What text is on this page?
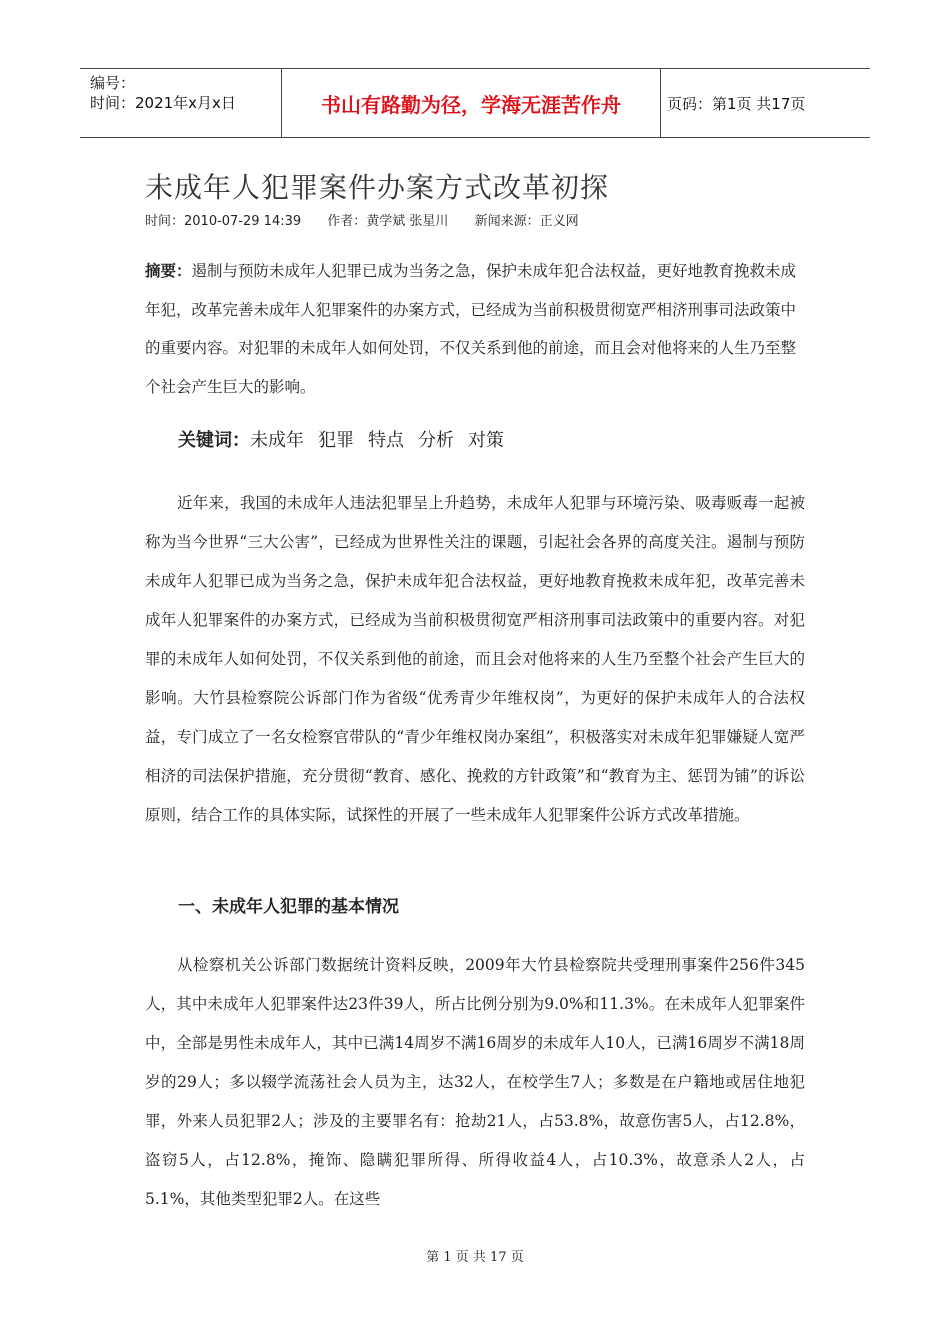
编号：
时间：2021年x月x日	书山有路勤为径，学海无涯苦作舟	页码：第1页 共17页
未成年人犯罪案件办案方式改革初探
时间：2010-07-29 14:39 作者：黄学斌 张星川 新闻来源：正义网
摘要：遏制与预防未成年人犯罪已成为当务之急，保护未成年犯合法权益，更好地教育挽救未成年犯，改革完善未成年人犯罪案件的办案方式，已经成为当前积极贯彻宽严相济刑事司法政策中的重要内容。对犯罪的未成年人如何处罚，不仅关系到他的前途，而且会对他将来的人生乃至整个社会产生巨大的影响。
关键词：未成年 犯罪 特点 分析 对策
近年来，我国的未成年人违法犯罪呈上升趋势，未成年人犯罪与环境污染、吸毒贩毒一起被称为当今世界“三大公害”，已经成为世界性关注的课题，引起社会各界的高度关注。遏制与预防未成年人犯罪已成为当务之急，保护未成年犯合法权益，更好地教育挽救未成年犯，改革完善未成年人犯罪案件的办案方式，已经成为当前积极贯彻宽严相济刑事司法政策中的重要内容。对犯罪的未成年人如何处罚，不仅关系到他的前途，而且会对他将来的人生乃至整个社会产生巨大的影响。大竹县检察院公诉部门作为省级“优秀青少年维权岗”，为更好的保护未成年人的合法权益，专门成立了一名女检察官带队的“青少年维权岗办案组”，积极落实对未成年犯罪嫌疑人宽严相济的司法保护措施，充分贯彻“教育、感化、挽救的方针政策”和“教育为主、惩罚为铺”的诉讼原则，结合工作的具体实际，试探性的开展了一些未成年人犯罪案件公诉方式改革措施。
一、未成年人犯罪的基本情况
从检察机关公诉部门数据统计资料反映，2009年大竹县检察院共受理刑事案件256件345人，其中未成年人犯罪案件达23件39人，所占比例分别为9.0%和11.3%。在未成年人犯罪案件中，全部是男性未成年人，其中已满14周岁不满16周岁的未成年人10人，已满16周岁不满18周岁的29人；多以辍学流荡社会人员为主，达32人，在校学生7人；多数是在户籍地或居住地犯罪，外来人员犯罪2人；涉及的主要罪名有：抢劫21人，占53.8%，故意伤害5人，占12.8%，盗窃5人，占12.8%，掩饰、隐瞒犯罪所得、所得收益4人，占10.3%，故意杀人2人，占5.1%，其他类型犯罪2人。在这些
第 1 页 共 17 页
